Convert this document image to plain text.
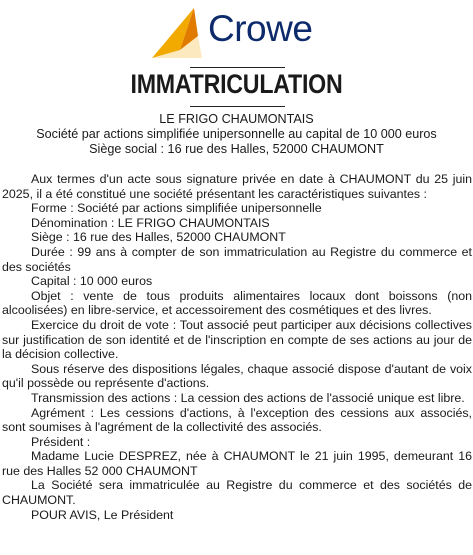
Crowe
IMMATRICULATION
LE FRIGO CHAUMONTAIS
Société par actions simplifiée unipersonnelle au capital de 10 000 euros
Siège social : 16 rue des Halles, 52000 CHAUMONT

Aux termes d'un acte sous signature privée en date à CHAUMONT du 25 juin 2025, il a été constitué une société présentant les caractéristiques suivantes :

Forme : Société par actions simplifiée unipersonnelle

Dénomination : LE FRIGO CHAUMONTAIS

Siège : 16 rue des Halles, 52000 CHAUMONT

Durée : 99 ans à compter de son immatriculation au Registre du commerce et des sociétés

Capital : 10 000 euros

Objet : vente de tous produits alimentaires locaux dont boissons (non alcoolisées) en libre-service, et accessoirement des cosmétiques et des livres.

Exercice du droit de vote : Tout associé peut participer aux décisions collectives sur justification de son identité et de l'inscription en compte de ses actions au jour de la décision collective.

Sous réserve des dispositions légales, chaque associé dispose d'autant de voix qu'il possède ou représente d'actions.

Transmission des actions : La cession des actions de l'associé unique est libre.

Agrément : Les cessions d'actions, à l'exception des cessions aux associés, sont soumises à l'agrément de la collectivité des associés.

Président :

Madame Lucie DESPREZ, née à CHAUMONT le 21 juin 1995, demeurant 16 rue des Halles 52 000 CHAUMONT

La Société sera immatriculée au Registre du commerce et des sociétés de CHAUMONT.

POUR AVIS, Le Président
